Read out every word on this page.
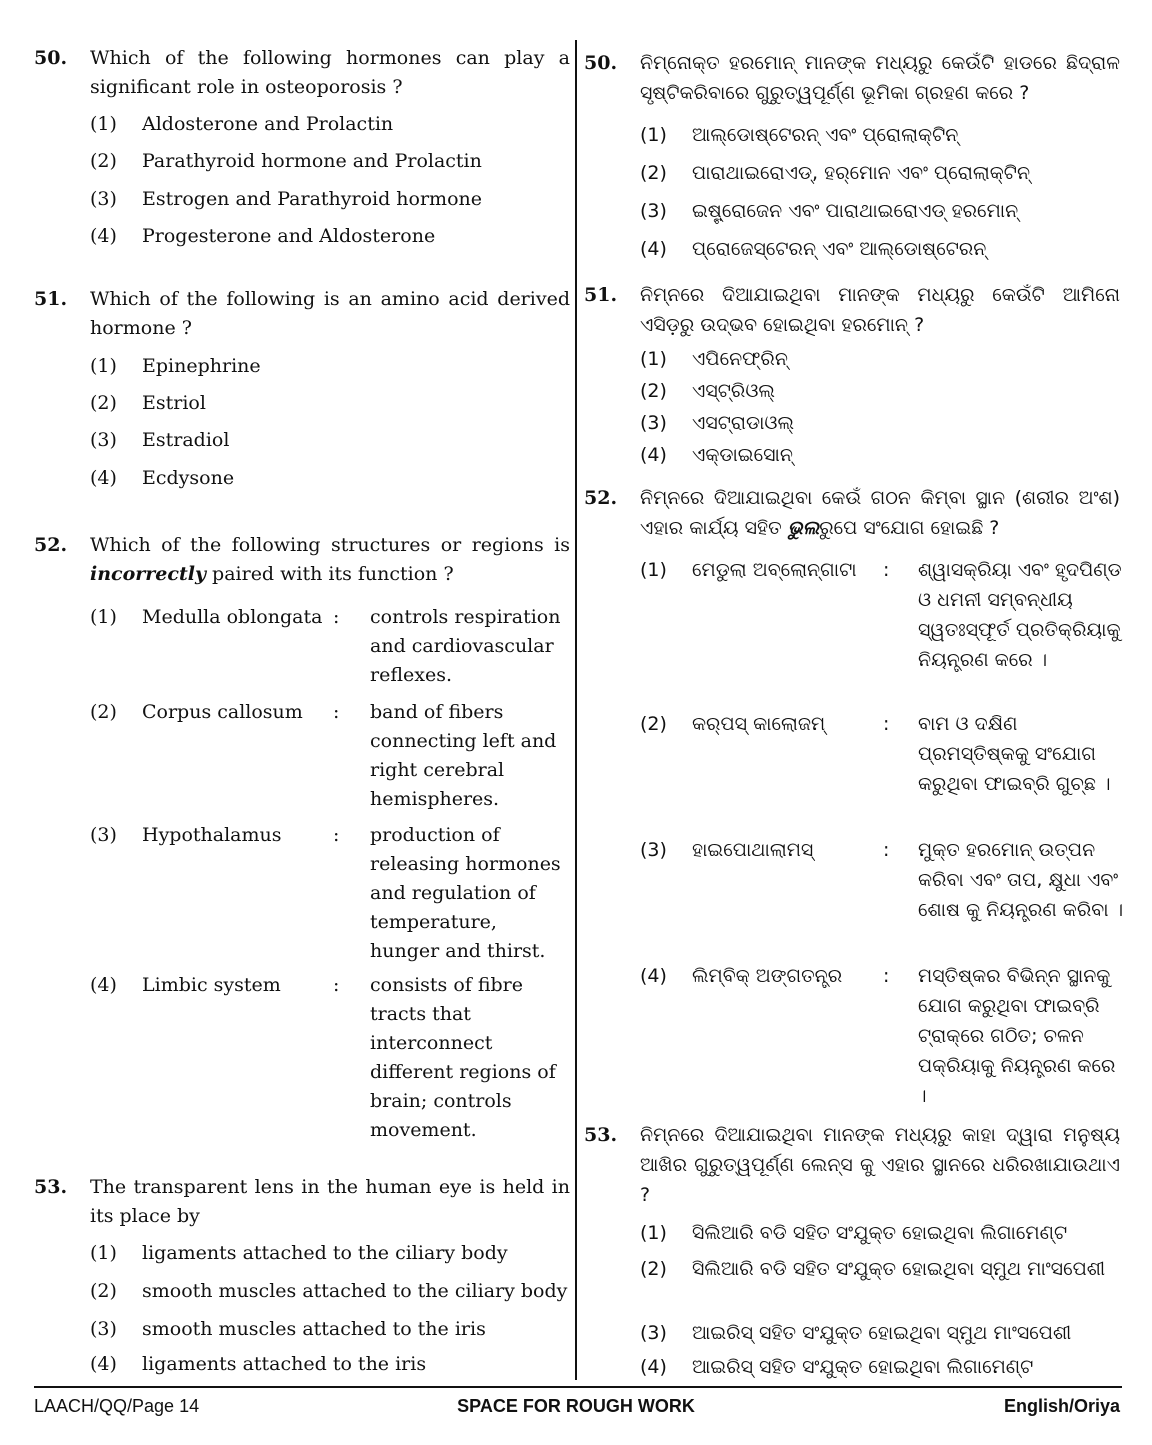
50. Which of the following hormones can play a significant role in osteoporosis ?
(1) Aldosterone and Prolactin
(2) Parathyroid hormone and Prolactin
(3) Estrogen and Parathyroid hormone
(4) Progesterone and Aldosterone
51. Which of the following is an amino acid derived hormone ?
(1) Epinephrine
(2) Estriol
(3) Estradiol
(4) Ecdysone
52. Which of the following structures or regions is incorrectly paired with its function ?
(1) Medulla oblongata : controls respiration and cardiovascular reflexes.
(2) Corpus callosum	: band of fibers connecting left and right cerebral hemispheres.
(3) Hypothalamus	: production of releasing hormones and regulation of temperature, hunger and thirst.
(4) Limbic system	: consists of fibre tracts that interconnect different regions of brain; controls movement.
53. The transparent lens in the human eye is held in its place by
(1) ligaments attached to the ciliary body
(2) smooth muscles attached to the ciliary body
(3) smooth muscles attached to the iris
(4) ligaments attached to the iris
50. ନିମ୍ନୋକ୍ତ ହରମୋନ୍ ମାନଙ୍କ ମଧ୍ୟରୁ କେଉଁଟି ହାଡରେ ଛିଦ୍ରାଳ ସୃଷ୍ଟିକରିବାରେ ଗୁରୁତ୍ୱପୂର୍ଣ୍ଣ ଭୂମିକା ଗ୍ରହଣ କରେ ?
(1) ଆଲ୍‌ଡୋଷ୍ଟେରନ୍ ଏବଂ ପ୍ରୋଲାକ୍ଟିନ୍
(2) ପାରାଥାଇରୋଏଡ୍, ହର୍‌ମୋନ ଏବଂ ପ୍ରୋଲାକ୍ଟିନ୍
(3) ଇଷ୍ଟ୍ରୋଜେନ ଏବଂ ପାରାଥାଇରୋଏଡ୍ ହରମୋନ୍
(4) ପ୍ରୋଜେସ୍ଟେରନ୍ ଏବଂ ଆଲ୍‌ଡୋଷ୍ଟେରନ୍
51. ନିମ୍ନରେ ଦିଆଯାଇଥିବା ମାନଙ୍କ ମଧ୍ୟରୁ କେଉଁଟି ଆମିନୋ ଏସିଡ଼ରୁ ଉଦ୍ଭବ ହୋଇଥିବା ହରମୋନ୍ ?
(1) ଏପିନେଫ୍ରିନ୍
(2) ଏସ୍‌ଟ୍ରିଓଲ୍
(3) ଏସଟ୍ରାଡାଓଲ୍
(4) ଏକ୍‌ଡାଇସୋନ୍
52. ନିମ୍ନରେ ଦିଆଯାଇଥିବା କେଉଁ ଗଠନ କିମ୍ବା ସ୍ଥାନ (ଶରୀର ଅଂଶ) ଏହାର କାର୍ଯ୍ୟ ସହିତ ଭୁଲରୁପେ ସଂଯୋଗ ହୋଇଛି ?
(1) ମେଡୁଲା ଅବ୍‌ଲୋନ୍‌ଗାଟା	: ଶ୍ୱାସକ୍ରିୟା ଏବଂ ହୃଦପିଣ୍ଡ ଓ ଧମନୀ ସମ୍ବନ୍ଧୀୟ ସ୍ୱତଃସ୍ଫୂର୍ତ ପ୍ରତିକ୍ରିୟାକୁ ନିୟନ୍ତ୍ରଣ କରେ ।
(2) କର୍‌ପସ୍ କାଲୋଜମ୍	: ବାମ ଓ ଦକ୍ଷିଣ ପ୍ରମସ୍ତିଷ୍କକୁ ସଂଯୋଗ କରୁଥିବା ଫାଇବ୍ରି ଗୁଚ୍ଛ ।
(3) ହାଇପୋଥାଲାମସ୍	: ମୁକ୍ତ ହରମୋନ୍ ଉତ୍ପନ କରିବା ଏବଂ ତାପ, କ୍ଷୁଧା ଏବଂ ଶୋଷ କୁ ନିୟନ୍ତ୍ରଣ କରିବା ।
(4) ଲିମ୍ବିକ୍ ଅଙ୍ଗତନ୍ତ୍ର	: ମସ୍ତିଷ୍କର ବିଭିନ୍ନ ସ୍ଥାନକୁ ଯୋଗ କରୁଥିବା ଫାଇବ୍ରି ଟ୍ରାକ୍‌ରେ ଗଠିତ; ଚଳନ ପକ୍ରିୟାକୁ ନିୟନ୍ତ୍ରଣ କରେ ।
53. ନିମ୍ନରେ ଦିଆଯାଇଥିବା ମାନଙ୍କ ମଧ୍ୟରୁ କାହା ଦ୍ୱାରା ମନୁଷ୍ୟ ଆଖିର ଗୁରୁତ୍ୱପୂର୍ଣ୍ଣ ଲେନ୍‌ସ କୁ ଏହାର ସ୍ଥାନରେ ଧରିରଖାଯାଉଥାଏ ?
(1) ସିଲିଆରି ବଡି ସହିତ ସଂଯୁକ୍ତ ହୋଇଥିବା ଲିଗାମେଣ୍ଟ
(2) ସିଲିଆରି ବଡି ସହିତ ସଂଯୁକ୍ତ ହୋଇଥିବା ସ୍ମୁଥ ମାଂସପେଶୀ
(3) ଆଇରିସ୍ ସହିତ ସଂଯୁକ୍ତ ହୋଇଥିବା ସ୍ମୁଥ ମାଂସପେଶୀ
(4) ଆଇରିସ୍ ସହିତ ସଂଯୁକ୍ତ ହୋଇଥିବା ଲିଗାମେଣ୍ଟ
LAACH/QQ/Page 14	SPACE FOR ROUGH WORK	English/Oriya
